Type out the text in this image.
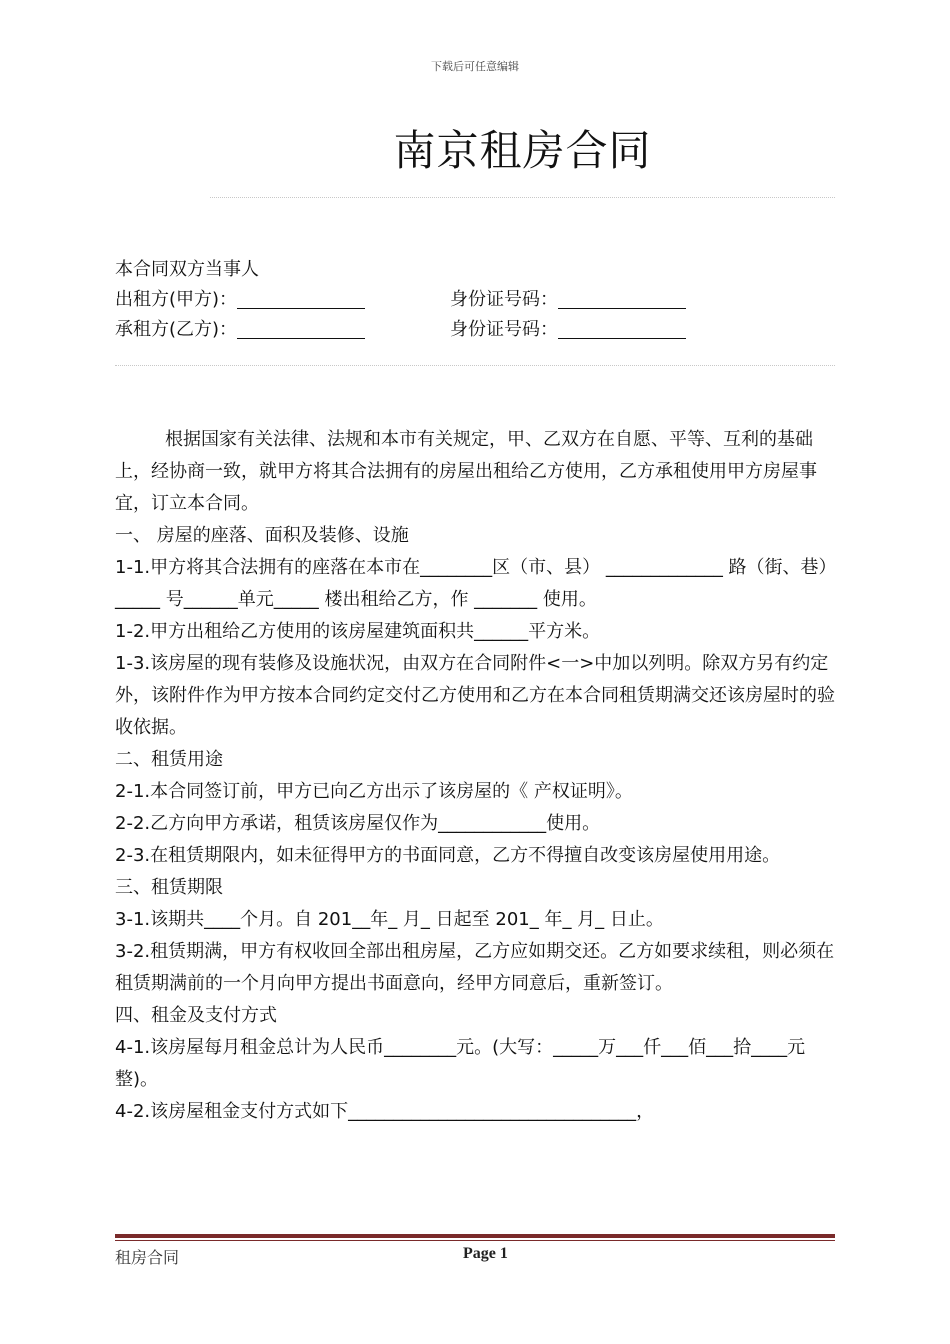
下载后可任意编辑
南京租房合同
本合同双方当事人
出租方(甲方)：	身份证号码：
承租方(乙方)：	身份证号码：

根据国家有关法律、法规和本市有关规定，甲、乙双方在自愿、平等、互利的基础上，经协商一致，就甲方将其合法拥有的房屋出租给乙方使用，乙方承租使用甲方房屋事宜，订立本合同。

一、 房屋的座落、面积及装修、设施

1-1.甲方将其合法拥有的座落在本市在________区（市、县） _____________ 路（街、巷）_____ 号______单元_____ 楼出租给乙方，作 _______ 使用。

1-2.甲方出租给乙方使用的该房屋建筑面积共______平方米。

1-3.该房屋的现有装修及设施状况，由双方在合同附件<一>中加以列明。除双方另有约定外，该附件作为甲方按本合同约定交付乙方使用和乙方在本合同租赁期满交还该房屋时的验收依据。

二、租赁用途

2-1.本合同签订前，甲方已向乙方出示了该房屋的《 产权证明》。

2-2.乙方向甲方承诺，租赁该房屋仅作为____________使用。

2-3.在租赁期限内，如未征得甲方的书面同意，乙方不得擅自改变该房屋使用用途。

三、租赁期限

3-1.该期共____个月。自 201__年_ 月_ 日起至 201_ 年_ 月_ 日止。

3-2.租赁期满，甲方有权收回全部出租房屋，乙方应如期交还。乙方如要求续租，则必须在租赁期满前的一个月向甲方提出书面意向，经甲方同意后，重新签订。

四、租金及支付方式

4-1.该房屋每月租金总计为人民币________元。(大写：_____万___仟___佰___拾____元整)。

4-2.该房屋租金支付方式如下________________________________，

租房合同	Page 1
